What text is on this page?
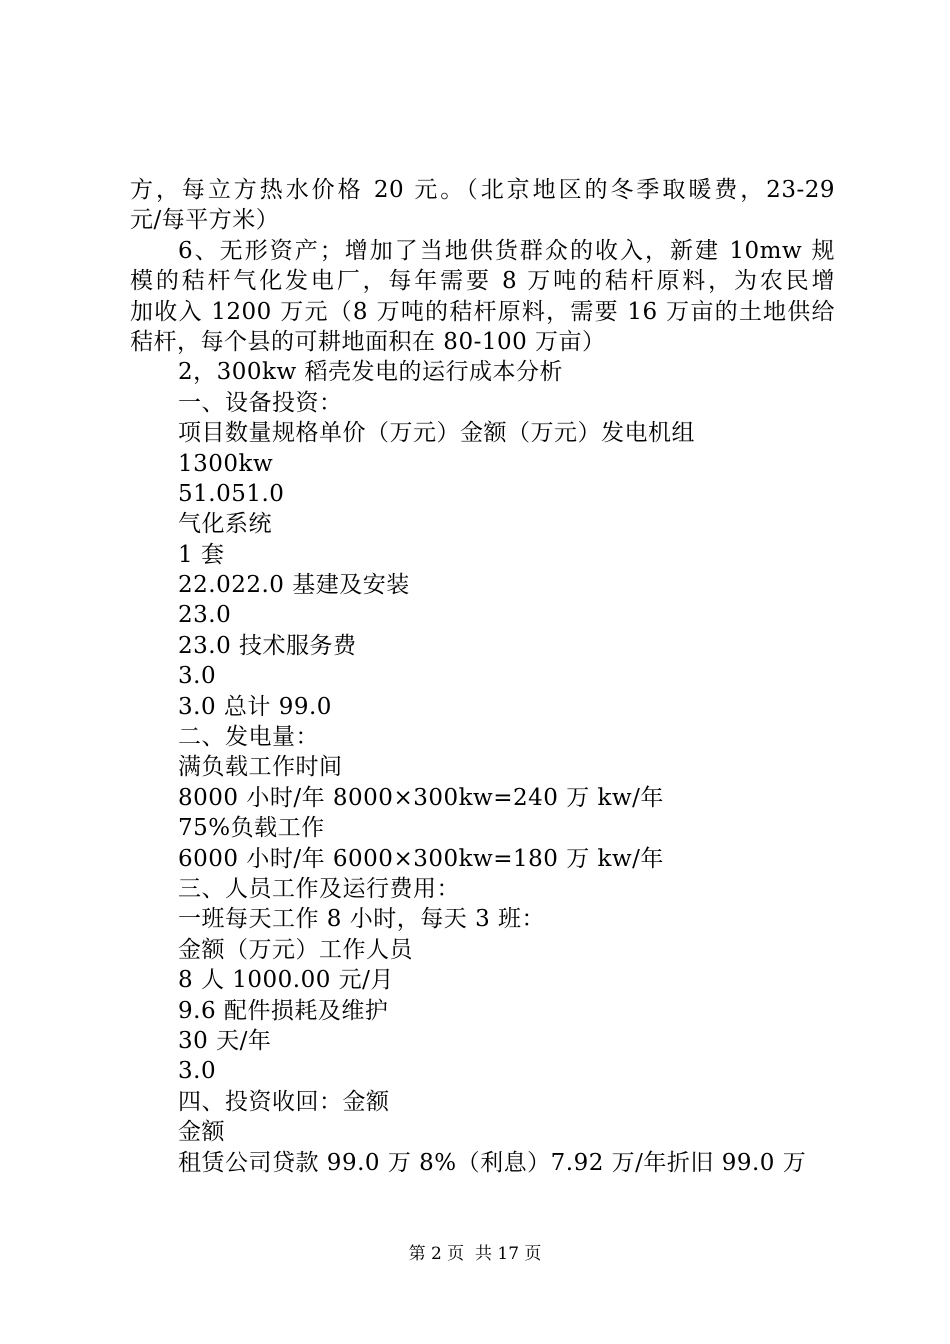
方，每立方热水价格 20 元。（北京地区的冬季取暖费，23-29
元/每平方米）
6、无形资产；增加了当地供货群众的收入，新建 10mw 规
模的秸杆气化发电厂，每年需要 8 万吨的秸杆原料，为农民增
加收入 1200 万元（8 万吨的秸杆原料，需要 16 万亩的土地供给
秸杆，每个县的可耕地面积在 80-100 万亩）
2，300kw 稻壳发电的运行成本分析
一、设备投资：
项目数量规格单价（万元）金额（万元）发电机组
1300kw
51.051.0
气化系统
1 套
22.022.0 基建及安装
23.0
23.0 技术服务费
3.0
3.0 总计 99.0
二、发电量：
满负载工作时间
8000 小时/年 8000×300kw=240 万 kw/年
75%负载工作
6000 小时/年 6000×300kw=180 万 kw/年
三、人员工作及运行费用：
一班每天工作 8 小时，每天 3 班：
金额（万元）工作人员
8 人 1000.00 元/月
9.6 配件损耗及维护
30 天/年
3.0
四、投资收回：金额
金额
租赁公司贷款 99.0 万 8%（利息）7.92 万/年折旧 99.0 万
第 2 页  共 17 页
